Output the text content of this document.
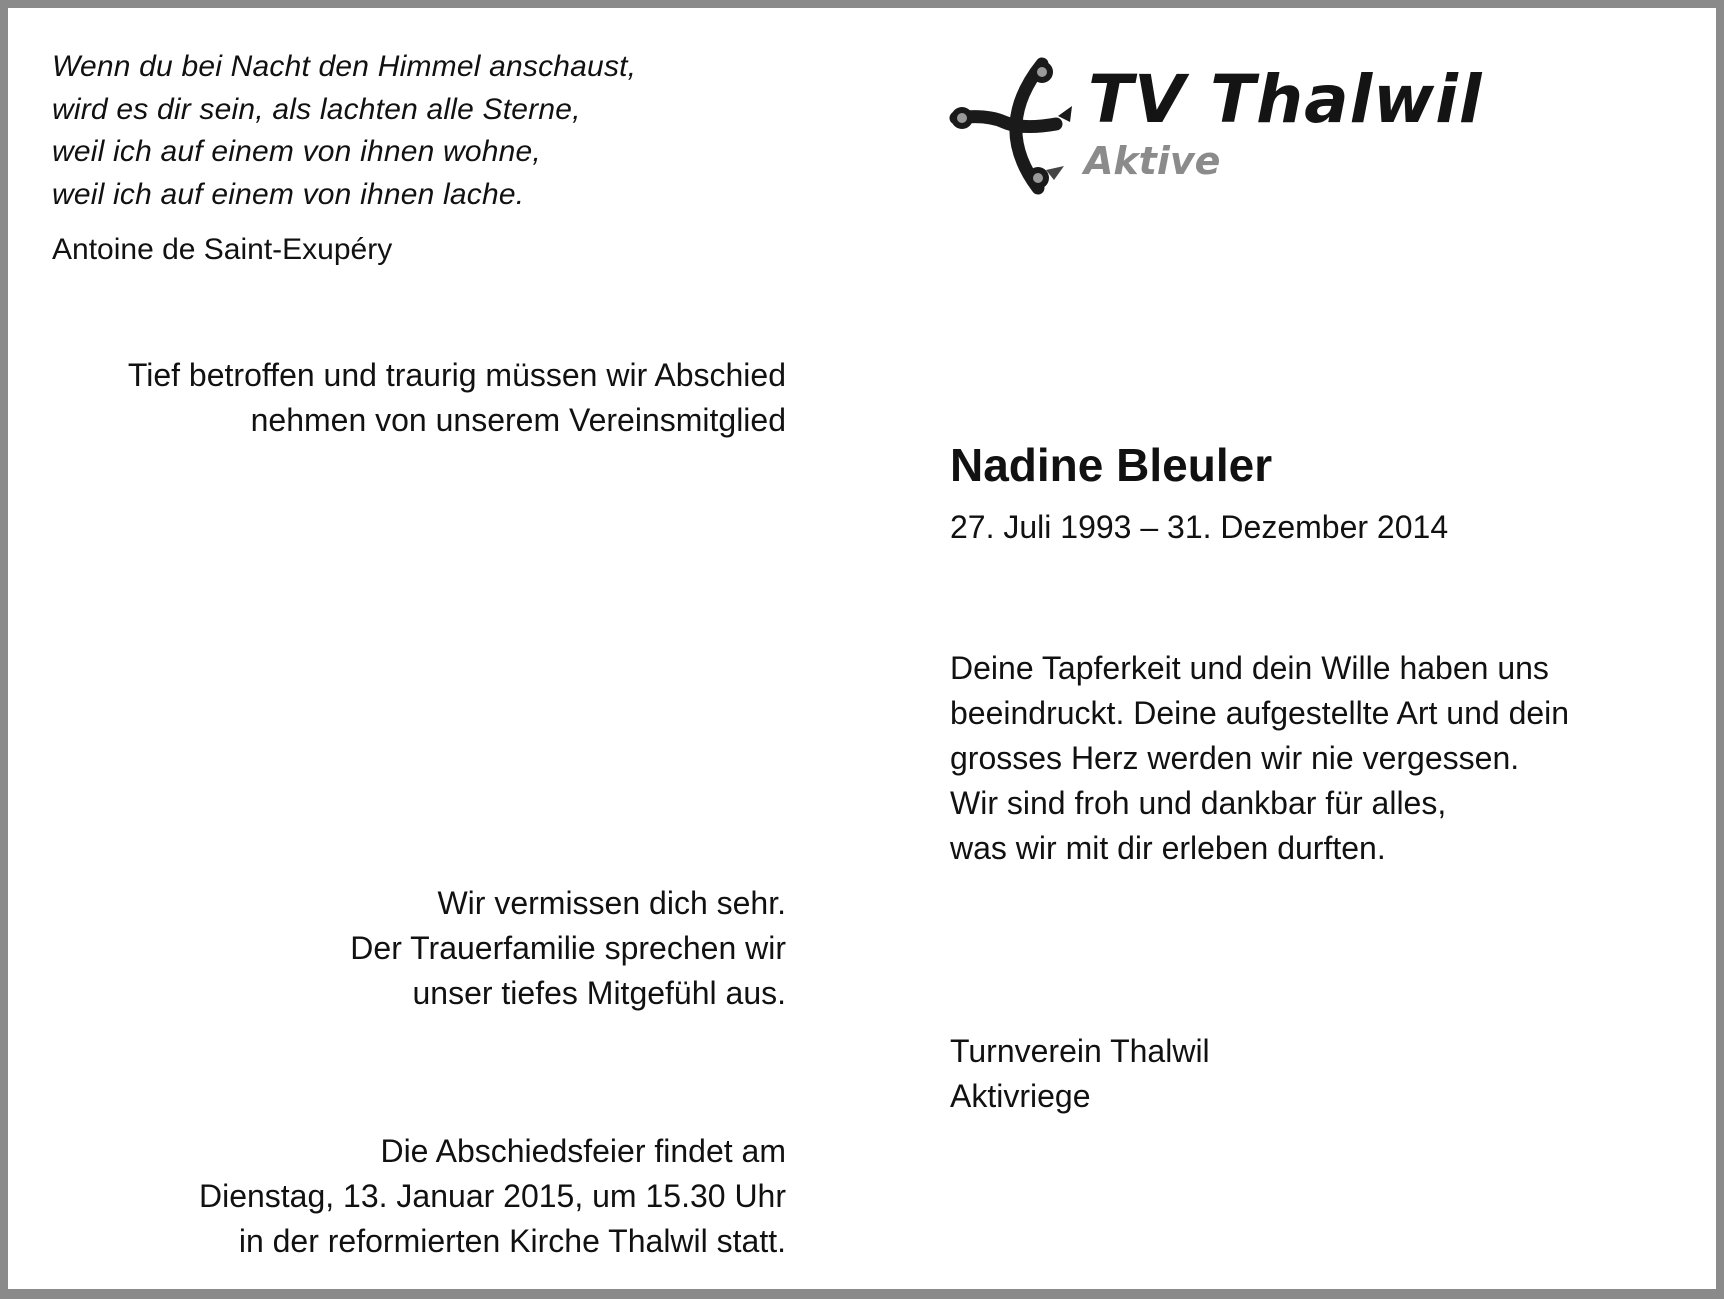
Wenn du bei Nacht den Himmel anschaust,
wird es dir sein, als lachten alle Sterne,
weil ich auf einem von ihnen wohne,
weil ich auf einem von ihnen lache.
Antoine de Saint-Exupéry
TV Thalwil
Aktive
Tief betroffen und traurig müssen wir Abschied
nehmen von unserem Vereinsmitglied
Wir vermissen dich sehr.
Der Trauerfamilie sprechen wir
unser tiefes Mitgefühl aus.
Die Abschiedsfeier findet am
Dienstag, 13. Januar 2015, um 15.30 Uhr
in der reformierten Kirche Thalwil statt.
Nadine Bleuler
27. Juli 1993 – 31. Dezember 2014
Deine Tapferkeit und dein Wille haben uns
beeindruckt. Deine aufgestellte Art und dein
grosses Herz werden wir nie vergessen.
Wir sind froh und dankbar für alles,
was wir mit dir erleben durften.
Turnverein Thalwil
Aktivriege
